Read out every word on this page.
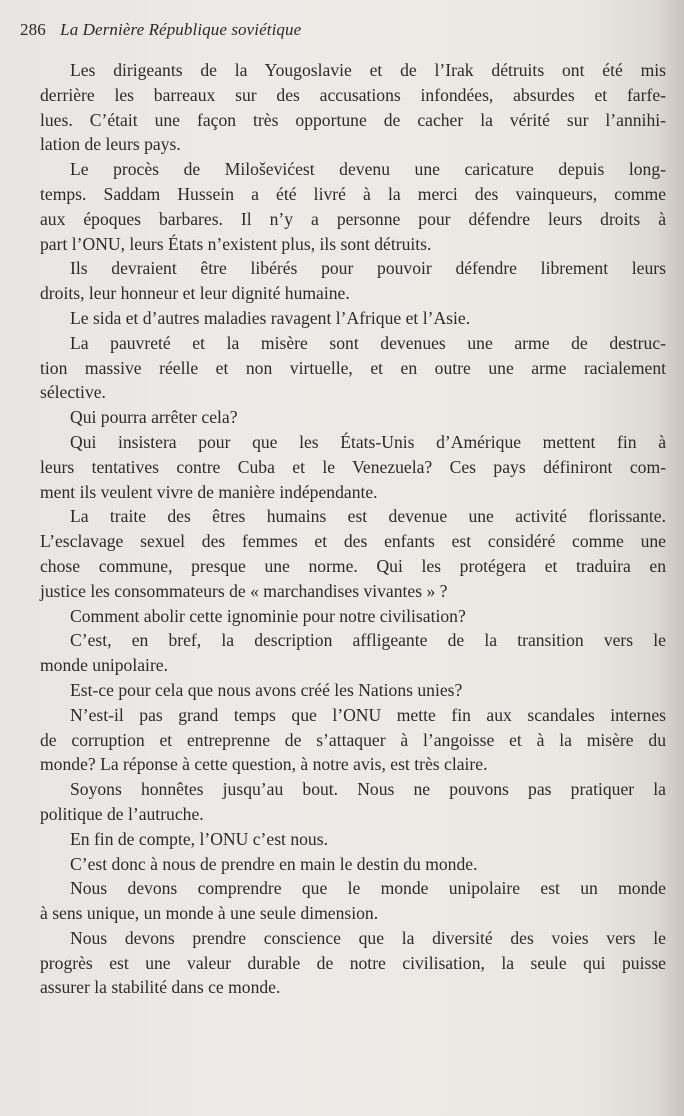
286 La Dernière République soviétique
Les dirigeants de la Yougoslavie et de l’Irak détruits ont été mis
derrière les barreaux sur des accusations infondées, absurdes et farfe-
lues. C’était une façon très opportune de cacher la vérité sur l’annihi-
lation de leurs pays.
Le procès de Miloševićest devenu une caricature depuis long-
temps. Saddam Hussein a été livré à la merci des vainqueurs, comme
aux époques barbares. Il n’y a personne pour défendre leurs droits à
part l’ONU, leurs États n’existent plus, ils sont détruits.
Ils devraient être libérés pour pouvoir défendre librement leurs
droits, leur honneur et leur dignité humaine.
Le sida et d’autres maladies ravagent l’Afrique et l’Asie.
La pauvreté et la misère sont devenues une arme de destruc-
tion massive réelle et non virtuelle, et en outre une arme racialement
sélective.
Qui pourra arrêter cela?
Qui insistera pour que les États-Unis d’Amérique mettent fin à
leurs tentatives contre Cuba et le Venezuela? Ces pays définiront com-
ment ils veulent vivre de manière indépendante.
La traite des êtres humains est devenue une activité florissante.
L’esclavage sexuel des femmes et des enfants est considéré comme une
chose commune, presque une norme. Qui les protégera et traduira en
justice les consommateurs de « marchandises vivantes » ?
Comment abolir cette ignominie pour notre civilisation?
C’est, en bref, la description affligeante de la transition vers le
monde unipolaire.
Est-ce pour cela que nous avons créé les Nations unies?
N’est-il pas grand temps que l’ONU mette fin aux scandales internes
de corruption et entreprenne de s’attaquer à l’angoisse et à la misère du
monde? La réponse à cette question, à notre avis, est très claire.
Soyons honnêtes jusqu’au bout. Nous ne pouvons pas pratiquer la
politique de l’autruche.
En fin de compte, l’ONU c’est nous.
C’est donc à nous de prendre en main le destin du monde.
Nous devons comprendre que le monde unipolaire est un monde
à sens unique, un monde à une seule dimension.
Nous devons prendre conscience que la diversité des voies vers le
progrès est une valeur durable de notre civilisation, la seule qui puisse
assurer la stabilité dans ce monde.
